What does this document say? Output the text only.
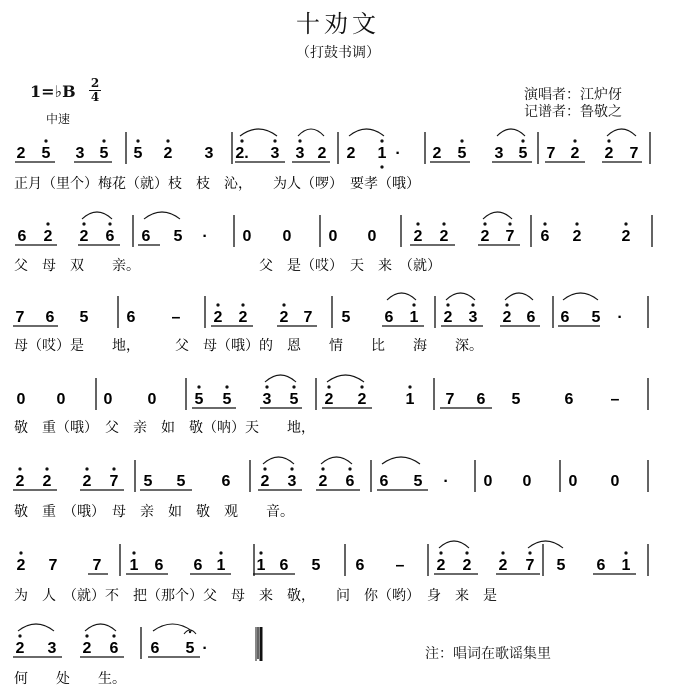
十劝文
（打鼓书调）
1=♭B 2
4
中速
演唱者：江炉伢
记谱者：鲁敬之
2 5 3 5 5 2 3 2. 3 3 2 2 1 · 2 5 3 5 7 2 2 7
正月（里个）梅花（就）枝　枝　沁，　　为人（啰）　要孝（哦）
6 2 2 6 6 5 · 0 0 0 0 2 2 2 7 6 2	2
父　母　双　　亲。　　　　　　　　　父　是（哎）　天　来　（就）
7 6 5 6 – 2 2 2 7 5 6 1 2 3 2 6 6 5 ·
母（哎）是　　地，　　　父　母（哦）的　恩　　情　　比　　海　　深。
0 0 0 0 5 5 3 5 2 2 1 7 6 5	6 –
敬　重（哦）　父　亲　如　敬（呐）天　　地，
2 2 2 7 5 5 6 2 3 2 6 6 5 · 0 0 0 0
敬　重　（哦）　母　亲　如　敬　观　　音。
2 7 7 1 6 6 1 1 6 5 6 – 2 2 2 7 5 6 1
为　人　（就）不　把（那个）父　母　来　敬，　　问　你（哟）　身　来　是
2 3 2 6 6 5 ·
何　　处　　生。
注：唱词在歌谣集里
